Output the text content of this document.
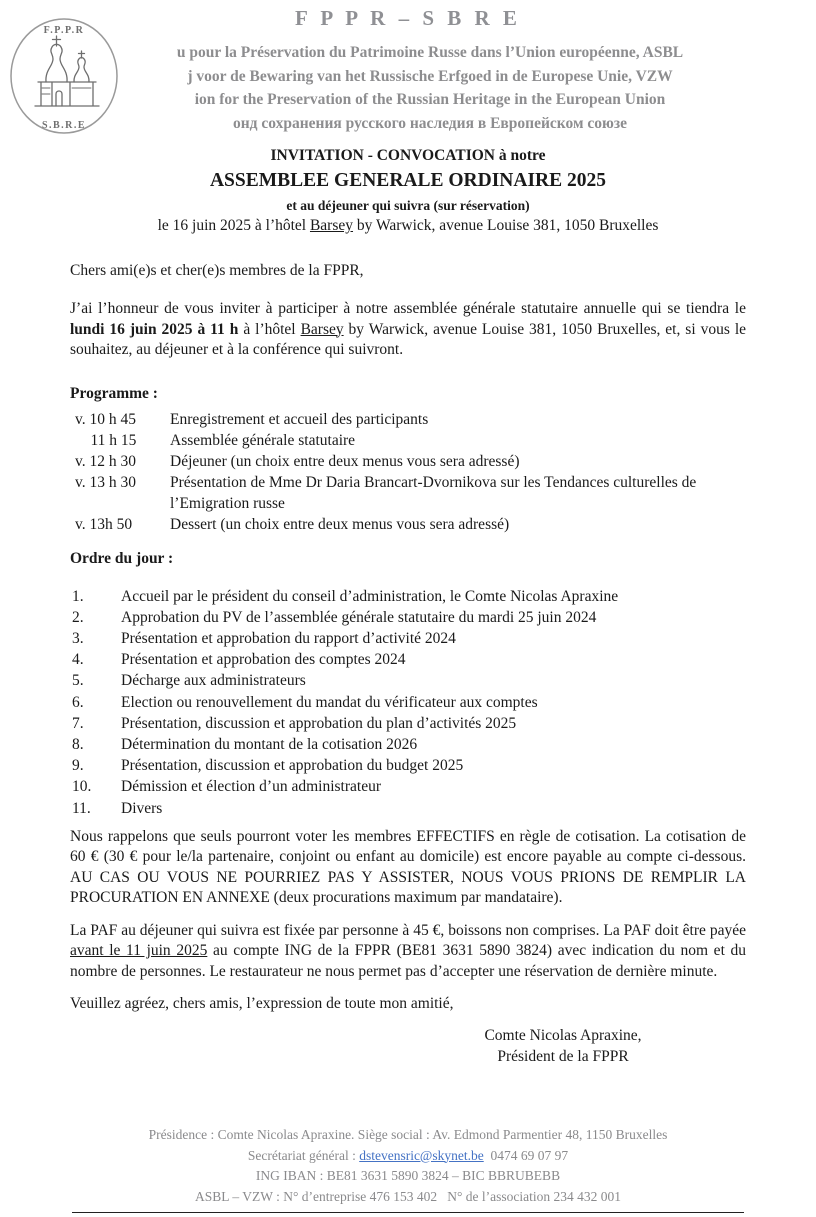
F P P R – S B R E
u pour la Préservation du Patrimoine Russe dans l’Union européenne, ASBL
j voor de Bewaring van het Russische Erfgoed in de Europese Unie, VZW
ion for the Preservation of the Russian Heritage in the European Union
онд сохранения русского наследия в Европейском союзе
F.P.P.R
S.B.R.E
INVITATION - CONVOCATION à notre
ASSEMBLEE GENERALE ORDINAIRE 2025
et au déjeuner qui suivra (sur réservation)
le 16 juin 2025 à l’hôtel Barsey by Warwick, avenue Louise 381, 1050 Bruxelles
Chers ami(e)s et cher(e)s membres de la FPPR,
J’ai l’honneur de vous inviter à participer à notre assemblée générale statutaire annuelle qui se tiendra le lundi 16 juin 2025 à 11 h à l’hôtel Barsey by Warwick, avenue Louise 381, 1050 Bruxelles, et, si vous le souhaitez, au déjeuner et à la conférence qui suivront.
Programme :
v. 10 h 45	Enregistrement et accueil des participants
11 h 15	Assemblée générale statutaire
v. 12 h 30	Déjeuner (un choix entre deux menus vous sera adressé)
v. 13 h 30	Présentation de Mme Dr Daria Brancart-Dvornikova sur les Tendances culturelles de l’Emigration russe
v. 13h 50	Dessert (un choix entre deux menus vous sera adressé)
Ordre du jour :
1.	Accueil par le président du conseil d’administration, le Comte Nicolas Apraxine
2.	Approbation du PV de l’assemblée générale statutaire du mardi 25 juin 2024
3.	Présentation et approbation du rapport d’activité 2024
4.	Présentation et approbation des comptes 2024
5.	Décharge aux administrateurs
6.	Election ou renouvellement du mandat du vérificateur aux comptes
7.	Présentation, discussion et approbation du plan d’activités 2025
8.	Détermination du montant de la cotisation 2026
9.	Présentation, discussion et approbation du budget 2025
10.	Démission et élection d’un administrateur
11.	Divers
Nous rappelons que seuls pourront voter les membres EFFECTIFS en règle de cotisation. La cotisation de 60 € (30 € pour le/la partenaire, conjoint ou enfant au domicile) est encore payable au compte ci-dessous. AU CAS OU VOUS NE POURRIEZ PAS Y ASSISTER, NOUS VOUS PRIONS DE REMPLIR LA PROCURATION EN ANNEXE (deux procurations maximum par mandataire).
La PAF au déjeuner qui suivra est fixée par personne à 45 €, boissons non comprises. La PAF doit être payée avant le 11 juin 2025 au compte ING de la FPPR (BE81 3631 5890 3824) avec indication du nom et du nombre de personnes. Le restaurateur ne nous permet pas d’accepter une réservation de dernière minute.
Veuillez agréez, chers amis, l’expression de toute mon amitié,
Comte Nicolas Apraxine,
Président de la FPPR
Présidence : Comte Nicolas Apraxine. Siège social : Av. Edmond Parmentier 48, 1150 Bruxelles
Secrétariat général : dstevensric@skynet.be  0474 69 07 97
ING IBAN : BE81 3631 5890 3824 – BIC BBRUBEBB
ASBL – VZW : N° d’entreprise 476 153 402   N° de l’association 234 432 001
